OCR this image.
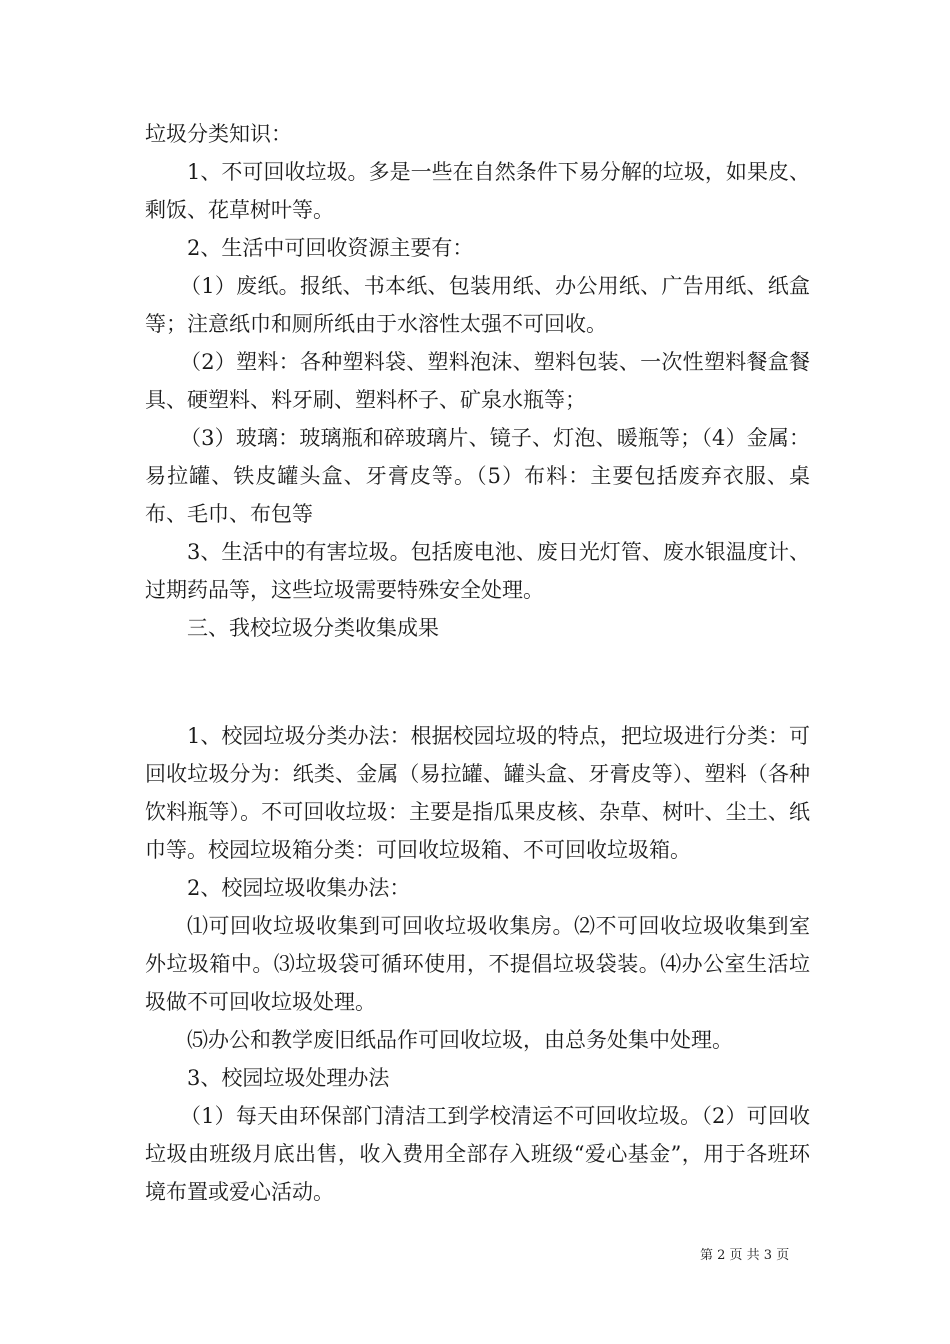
垃圾分类知识：

1、不可回收垃圾。多是一些在自然条件下易分解的垃圾，如果皮、剩饭、花草树叶等。

2、生活中可回收资源主要有：

（1）废纸。报纸、书本纸、包装用纸、办公用纸、广告用纸、纸盒等；注意纸巾和厕所纸由于水溶性太强不可回收。

（2）塑料：各种塑料袋、塑料泡沫、塑料包装、一次性塑料餐盒餐具、硬塑料、料牙刷、塑料杯子、矿泉水瓶等；

（3）玻璃：玻璃瓶和碎玻璃片、镜子、灯泡、暖瓶等；（4）金属：易拉罐、铁皮罐头盒、牙膏皮等。（5）布料：主要包括废弃衣服、桌布、毛巾、布包等

3、生活中的有害垃圾。包括废电池、废日光灯管、废水银温度计、过期药品等，这些垃圾需要特殊安全处理。

三、我校垃圾分类收集成果

1、校园垃圾分类办法：根据校园垃圾的特点，把垃圾进行分类：可回收垃圾分为：纸类、金属（易拉罐、罐头盒、牙膏皮等）、塑料（各种饮料瓶等）。不可回收垃圾：主要是指瓜果皮核、杂草、树叶、尘土、纸巾等。校园垃圾箱分类：可回收垃圾箱、不可回收垃圾箱。

2、校园垃圾收集办法：

⑴可回收垃圾收集到可回收垃圾收集房。⑵不可回收垃圾收集到室外垃圾箱中。⑶垃圾袋可循环使用，不提倡垃圾袋装。⑷办公室生活垃圾做不可回收垃圾处理。

⑸办公和教学废旧纸品作可回收垃圾，由总务处集中处理。

3、校园垃圾处理办法

（1）每天由环保部门清洁工到学校清运不可回收垃圾。（2）可回收垃圾由班级月底出售，收入费用全部存入班级“爱心基金”，用于各班环境布置或爱心活动。

第 2 页 共 3 页
